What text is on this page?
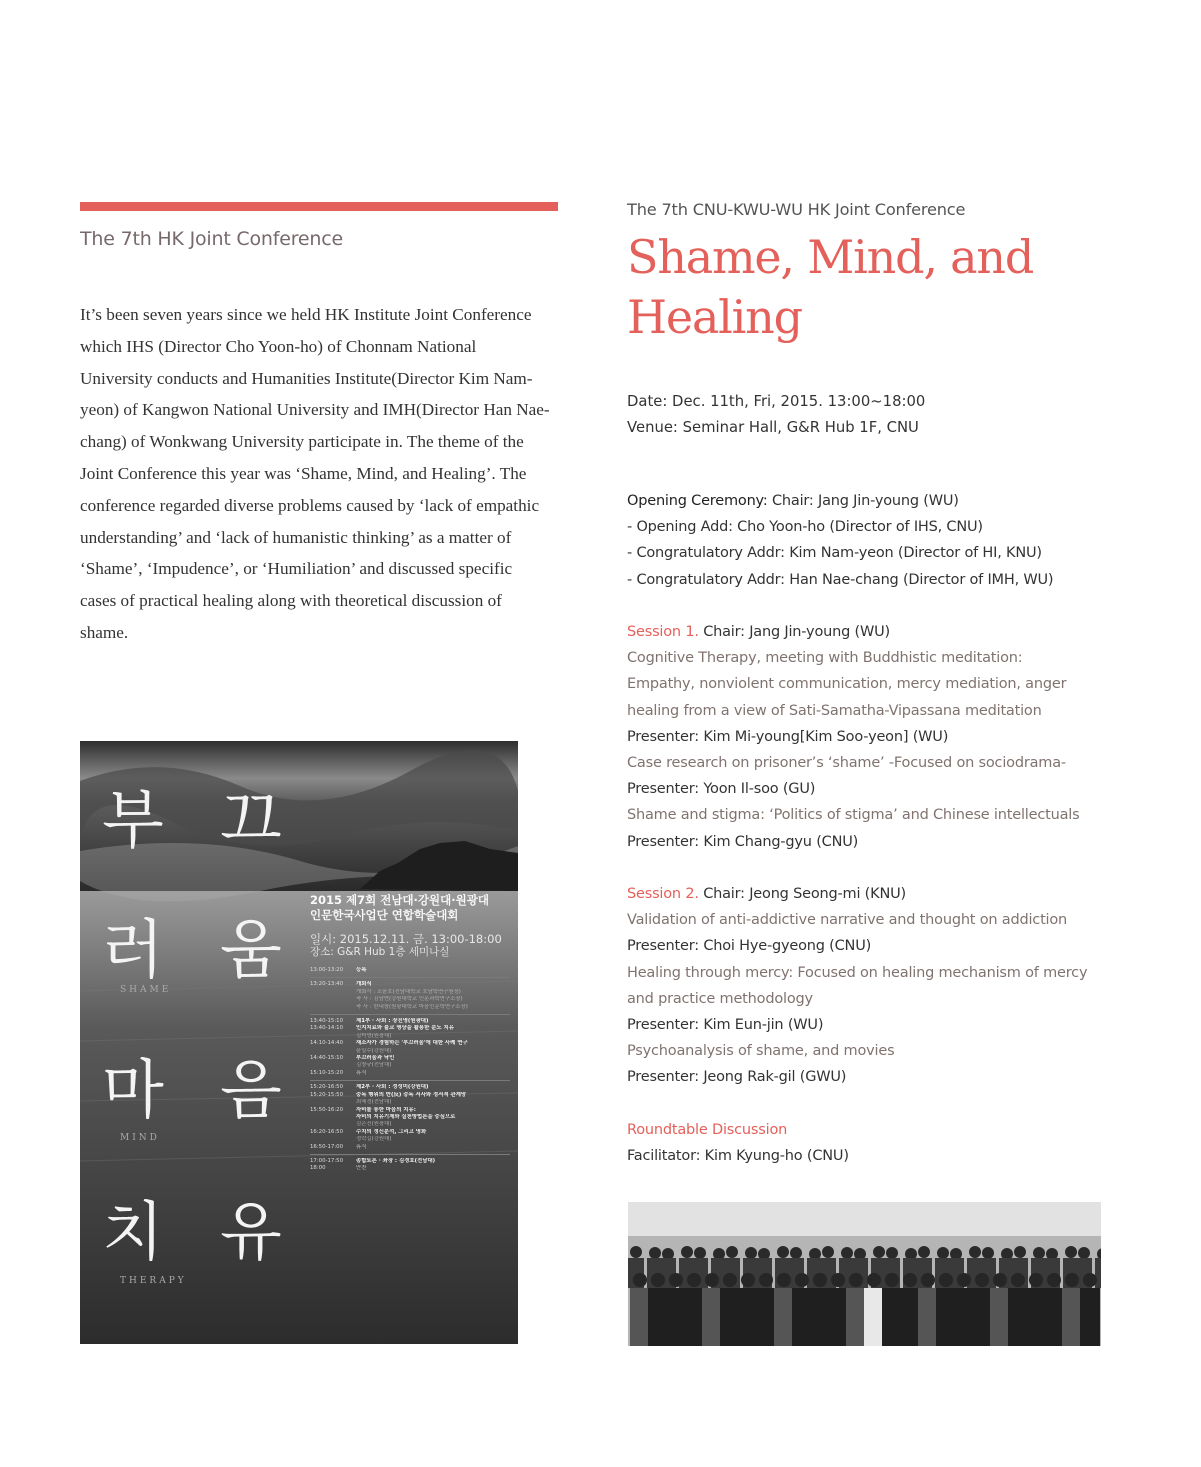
The 7th HK Joint Conference
It’s been seven years since we held HK Institute Joint Conference which IHS (Director Cho Yoon-ho) of Chonnam National University conducts and Humanities Institute(Director Kim Nam-yeon) of Kangwon National University and IMH(Director Han Nae-chang) of Wonkwang University participate in. The theme of the Joint Conference this year was ‘Shame, Mind, and Healing’. The conference regarded diverse problems caused by ‘lack of empathic understanding’ and ‘lack of humanistic thinking’ as a matter of ‘Shame’, ‘Impudence’, or ‘Humiliation’ and discussed specific cases of practical healing along with theoretical discussion of shame.
부 끄
러 움
SHAME
마 음
MIND
치 유
THERAPY
2015 제7회 전남대·강원대·원광대
인문한국사업단 연합학술대회
일시: 2015.12.11. 금. 13:00-18:00
장소: G&R Hub 1층 세미나실
13:00-13:20	등록
13:20-13:40	개회식
개회사 : 조윤호(전남대학교 호남학연구원장)
축 사 : 김남연(강원대학교 인문과학연구소장)
축 사 : 한내창(원광대학교 마음인문학연구소장)
13:40-15:10	제1부 · 사회 : 장진영(원광대)
13:40-14:10	인지치료와 불교 명상을 활용한 분노 치유
김미영(원광대)
14:10-14:40	재소자가 경험하는 '부끄러움'에 대한 사례 연구
윤일수(강원대)
14:40-15:10	부끄러움과 낙인
김창규(전남대)
15:10-15:20	휴식
15:20-16:50	제2부 · 사회 : 정성미(강원대)
15:20-15:50	중독 행위의 반(反) 중독 서사와 정서적 관계망
최혜경(전남대)
15:50-16:20	자비를 통한 마음의 치유:
자비의 치유기제와 실천방법론을 중심으로
김은진(원광대)
16:20-16:50	수치의 정신분석, 그리고 영화
정락길(강원대)
16:50-17:00	휴식
17:00-17:50	종합토론 · 좌장 : 김경호(전남대)
18:00	만찬
The 7th CNU-KWU-WU HK Joint Conference
Shame, Mind, and
Healing
Date: Dec. 11th, Fri, 2015. 13:00~18:00
Venue: Seminar Hall, G&R Hub 1F, CNU
Opening Ceremony: Chair: Jang Jin-young (WU)
- Opening Add: Cho Yoon-ho (Director of IHS, CNU)
- Congratulatory Addr: Kim Nam-yeon (Director of HI, KNU)
- Congratulatory Addr: Han Nae-chang (Director of IMH, WU)
Session 1. Chair: Jang Jin-young (WU)
Cognitive Therapy, meeting with Buddhistic meditation:
Empathy, nonviolent communication, mercy mediation, anger
healing from a view of Sati-Samatha-Vipassana meditation
Presenter: Kim Mi-young[Kim Soo-yeon] (WU)
Case research on prisoner’s ‘shame’ -Focused on sociodrama-
Presenter: Yoon Il-soo (GU)
Shame and stigma: ‘Politics of stigma’ and Chinese intellectuals
Presenter: Kim Chang-gyu (CNU)
Session 2. Chair: Jeong Seong-mi (KNU)
Validation of anti-addictive narrative and thought on addiction
Presenter: Choi Hye-gyeong (CNU)
Healing through mercy: Focused on healing mechanism of mercy
and practice methodology
Presenter: Kim Eun-jin (WU)
Psychoanalysis of shame, and movies
Presenter: Jeong Rak-gil (GWU)
Roundtable Discussion
Facilitator: Kim Kyung-ho (CNU)
